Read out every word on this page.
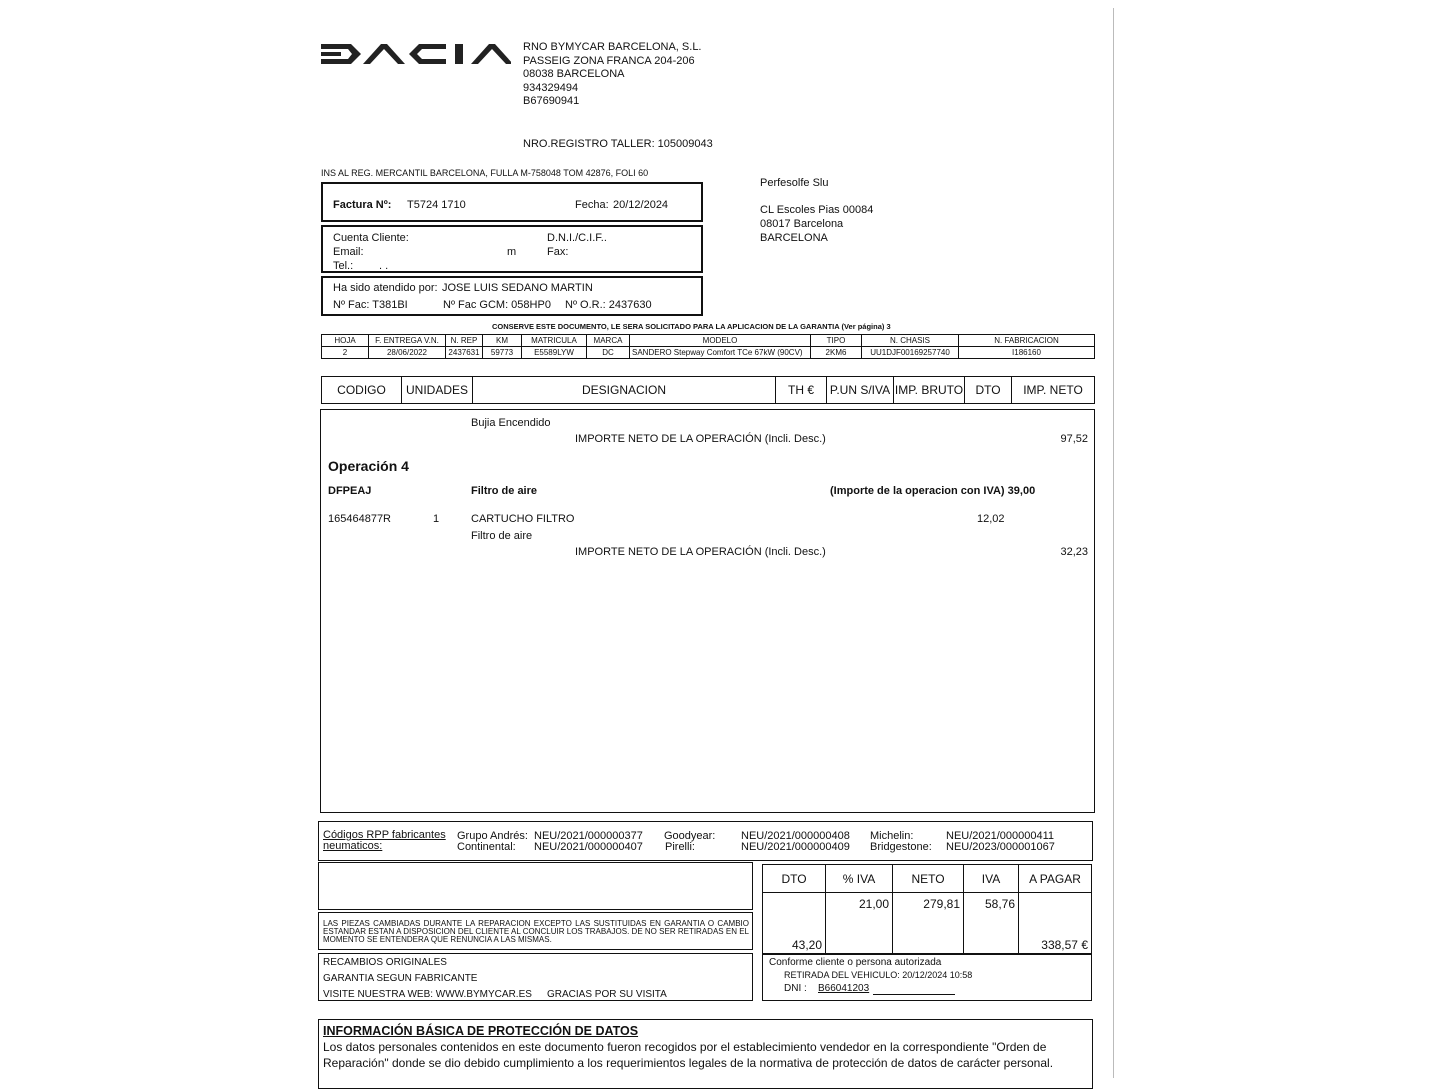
RNO BYMYCAR BARCELONA, S.L.
PASSEIG ZONA FRANCA 204-206
08038 BARCELONA
934329494
B67690941
NRO.REGISTRO TALLER: 105009043
INS AL REG. MERCANTIL BARCELONA, FULLA M-758048 TOM 42876, FOLI 60
Factura Nº: T5724 1710	Fecha: 20/12/2024
Cuenta Cliente:
Email:	m
Tel.: . .
D.N.I./C.I.F..
Fax:
Ha sido atendido por: JOSE LUIS SEDANO MARTIN
Nº Fac: T381BI	Nº Fac GCM: 058HP0 Nº O.R.: 2437630
Perfesolfe Slu
CL Escoles Pias 00084
08017 Barcelona
BARCELONA
CONSERVE ESTE DOCUMENTO, LE SERA SOLICITADO PARA LA APLICACION DE LA GARANTIA (Ver página) 3
HOJA	F. ENTREGA V.N.	N. REP	KM	MATRICULA	MARCA	MODELO	TIPO	N. CHASIS	N. FABRICACION
2	28/06/2022	2437631	59773	E5589LYW	DC	SANDERO Stepway Comfort TCe 67kW (90CV)	2KM6	UU1DJF00169257740	I186160
CODIGO	UNIDADES	DESIGNACION	TH €	P.UN S/IVA	IMP. BRUTO	DTO	IMP. NETO
Bujia Encendido
IMPORTE NETO DE LA OPERACIÓN (Incli. Desc.)	97,52
Operación 4
DFPEAJ	Filtro de aire	(Importe de la operacion con IVA) 39,00
165464877R	1	CARTUCHO FILTRO	12,02
Filtro de aire
IMPORTE NETO DE LA OPERACIÓN (Incli. Desc.)	32,23
Códigos RPP fabricantes
neumaticos:
Grupo Andrés: NEU/2021/000000377
Continental: NEU/2021/000000407
Goodyear: NEU/2021/000000408
Pirelli:	NEU/2021/000000409
Michelin:	NEU/2021/000000411
Bridgestone: NEU/2023/000001067
LAS PIEZAS CAMBIADAS DURANTE LA REPARACION EXCEPTO LAS SUSTITUIDAS EN GARANTIA O CAMBIO ESTANDAR ESTAN A DISPOSICION DEL CLIENTE AL CONCLUIR LOS TRABAJOS. DE NO SER RETIRADAS EN EL MOMENTO SE ENTENDERA QUE RENUNCIA A LAS MISMAS.
DTO	% IVA	NETO	IVA	A PAGAR
43,20	21,00	279,81	58,76	338,57 €
RECAMBIOS ORIGINALES
GARANTIA SEGUN FABRICANTE
VISITE NUESTRA WEB: WWW.BYMYCAR.ES GRACIAS POR SU VISITA
Conforme cliente o persona autorizada
RETIRADA DEL VEHICULO: 20/12/2024 10:58
DNI : B66041203
INFORMACIÓN BÁSICA DE PROTECCIÓN DE DATOS
Los datos personales contenidos en este documento fueron recogidos por el establecimiento vendedor en la correspondiente "Orden de
Reparación" donde se dio debido cumplimiento a los requerimientos legales de la normativa de protección de datos de carácter personal.
